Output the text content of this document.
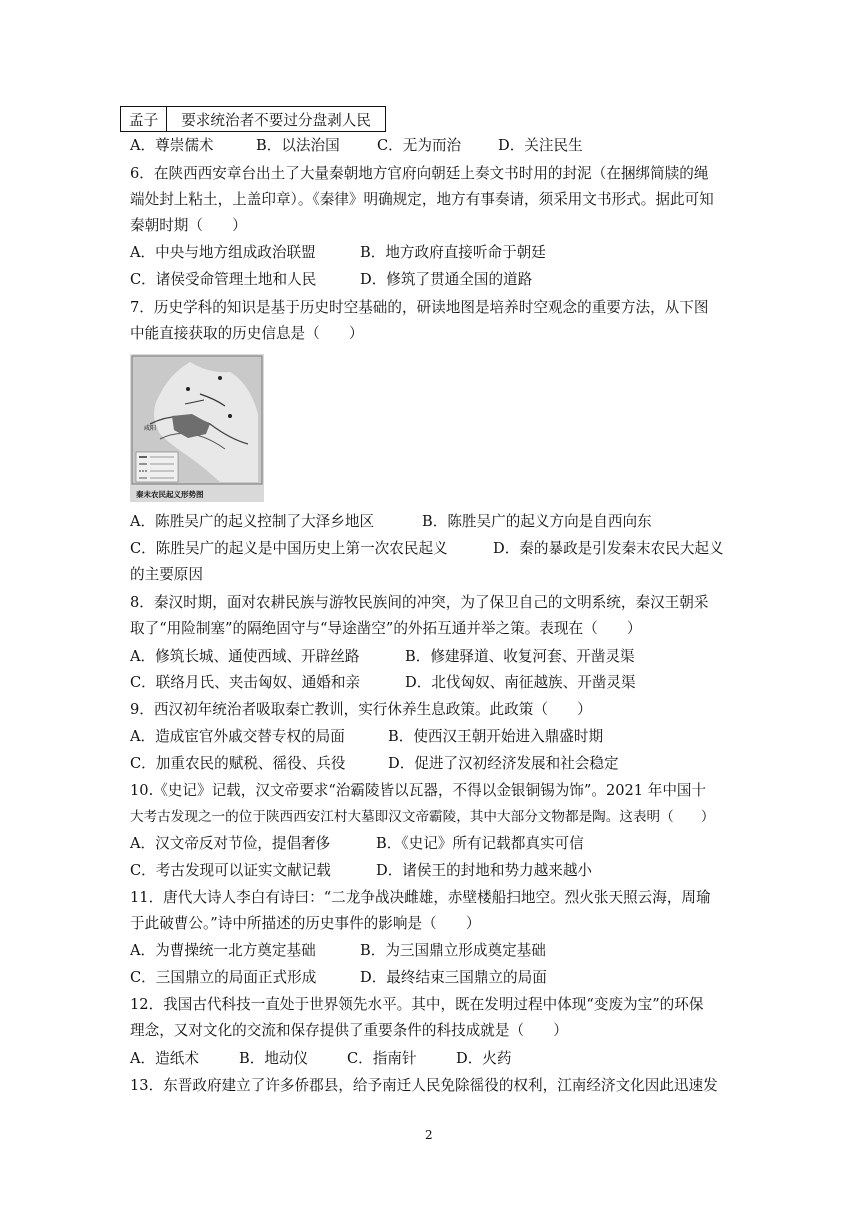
孟子	要求统治者不要过分盘剥人民
A．尊崇儒术	B．以法治国	C．无为而治	D．关注民生
6．在陕西西安章台出土了大量秦朝地方官府向朝廷上奏文书时用的封泥（在捆绑简牍的绳
端处封上粘土，上盖印章）。《秦律》明确规定，地方有事奏请，须采用文书形式。据此可知
秦朝时期（　　）
A．中央与地方组成政治联盟	B．地方政府直接听命于朝廷
C．诸侯受命管理土地和人民	D．修筑了贯通全国的道路
7．历史学科的知识是基于历史时空基础的，研读地图是培养时空观念的重要方法，从下图
中能直接获取的历史信息是（　　）
咸阳
秦末农民起义形势图
A．陈胜吴广的起义控制了大泽乡地区	B．陈胜吴广的起义方向是自西向东
C．陈胜吴广的起义是中国历史上第一次农民起义	D．秦的暴政是引发秦末农民大起义
的主要原因
8．秦汉时期，面对农耕民族与游牧民族间的冲突，为了保卫自己的文明系统，秦汉王朝采
取了“用险制塞”的隔绝固守与“导途凿空”的外拓互通并举之策。表现在（　　）
A．修筑长城、通使西域、开辟丝路	B．修建驿道、收复河套、开凿灵渠
C．联络月氏、夹击匈奴、通婚和亲	D．北伐匈奴、南征越族、开凿灵渠
9．西汉初年统治者吸取秦亡教训，实行休养生息政策。此政策（　　）
A．造成宦官外戚交替专权的局面	B．使西汉王朝开始进入鼎盛时期
C．加重农民的赋税、徭役、兵役	D．促进了汉初经济发展和社会稳定
10.《史记》记载，汉文帝要求“治霸陵皆以瓦器，不得以金银铜锡为饰”。2021 年中国十
大考古发现之一的位于陕西西安江村大墓即汉文帝霸陵，其中大部分文物都是陶。这表明（　　）
A．汉文帝反对节俭，提倡奢侈	B．《史记》所有记载都真实可信
C．考古发现可以证实文献记载	D．诸侯王的封地和势力越来越小
11．唐代大诗人李白有诗曰：“二龙争战决雌雄，赤壁楼船扫地空。烈火张天照云海，周瑜
于此破曹公。”诗中所描述的历史事件的影响是（　　）
A．为曹操统一北方奠定基础	B．为三国鼎立形成奠定基础
C．三国鼎立的局面正式形成	D．最终结束三国鼎立的局面
12．我国古代科技一直处于世界领先水平。其中，既在发明过程中体现“变废为宝”的环保
理念，又对文化的交流和保存提供了重要条件的科技成就是（　　）
A．造纸术	B．地动仪	C．指南针	D．火药
13．东晋政府建立了许多侨郡县，给予南迁人民免除徭役的权利，江南经济文化因此迅速发
2
